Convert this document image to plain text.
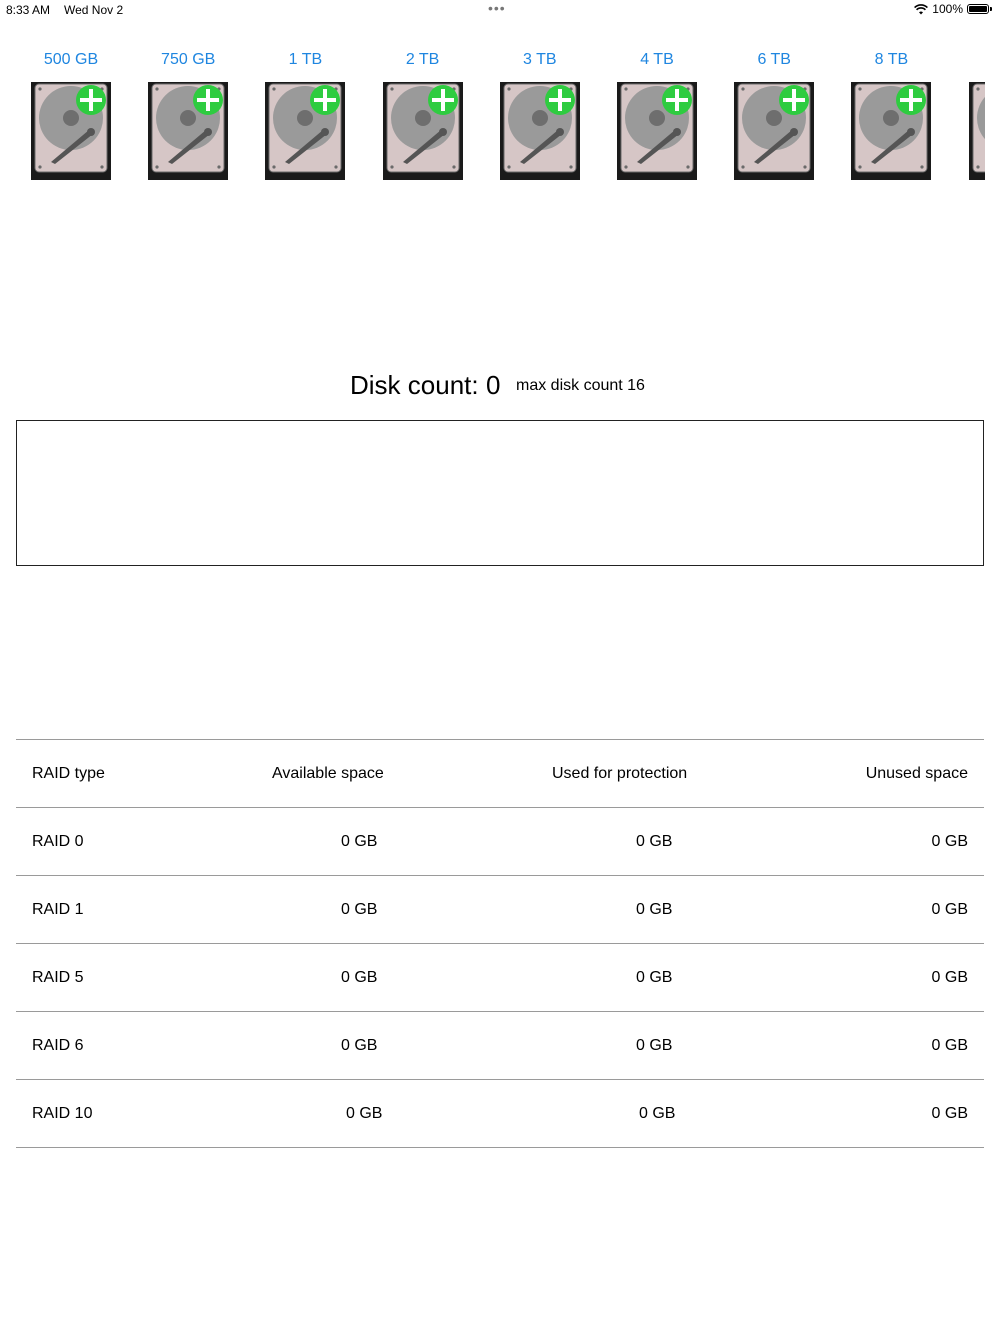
8:33 AM Wed Nov 2	•••	100%
500 GB	750 GB	1 TB	2 TB	3 TB	4 TB	6 TB	8 TB
Disk count: 0 max disk count 16
RAID type	Available space	Used for protection	Unused space
RAID 0	0 GB	0 GB	0 GB
RAID 1	0 GB	0 GB	0 GB
RAID 5	0 GB	0 GB	0 GB
RAID 6	0 GB	0 GB	0 GB
RAID 10	0 GB	0 GB	0 GB
